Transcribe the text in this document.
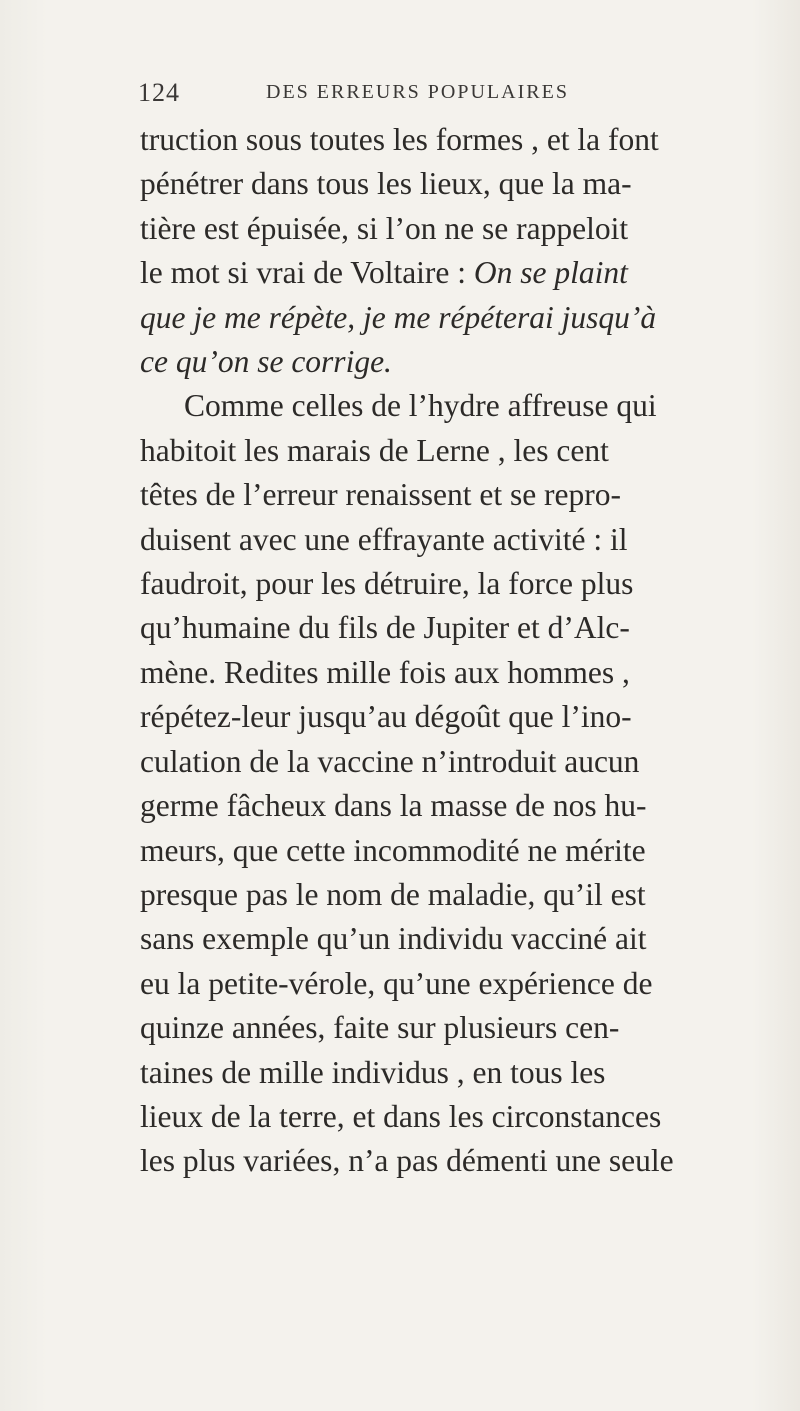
124	DES ERREURS POPULAIRES
truction sous toutes les formes , et la font
pénétrer dans tous les lieux, que la ma-
tière est épuisée, si l’on ne se rappeloit
le mot si vrai de Voltaire : On se plaint
que je me répète, je me répéterai jusqu’à
ce qu’on se corrige.
Comme celles de l’hydre affreuse qui
habitoit les marais de Lerne , les cent
têtes de l’erreur renaissent et se repro-
duisent avec une effrayante activité : il
faudroit, pour les détruire, la force plus
qu’humaine du fils de Jupiter et d’Alc-
mène. Redites mille fois aux hommes ,
répétez-leur jusqu’au dégoût que l’ino-
culation de la vaccine n’introduit aucun
germe fâcheux dans la masse de nos hu-
meurs, que cette incommodité ne mérite
presque pas le nom de maladie, qu’il est
sans exemple qu’un individu vacciné ait
eu la petite-vérole, qu’une expérience de
quinze années, faite sur plusieurs cen-
taines de mille individus , en tous les
lieux de la terre, et dans les circonstances
les plus variées, n’a pas démenti une seule
